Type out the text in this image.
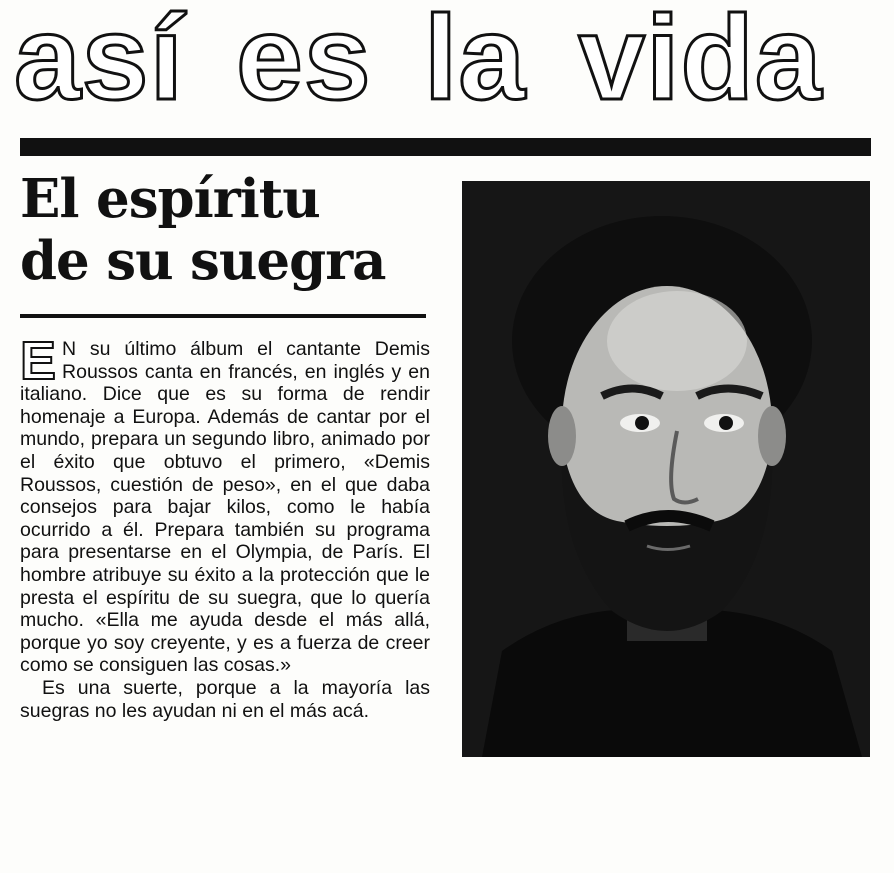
así es la vida
El espíritu
de su suegra

E N su último álbum el cantante Demis Roussos canta en francés, en inglés y en italiano. Dice que es su forma de rendir homenaje a Europa. Además de cantar por el mundo, prepara un segundo libro, animado por el éxito que obtuvo el primero, «Demis Roussos, cuestión de peso», en el que daba consejos para bajar kilos, como le había ocurrido a él. Prepara también su programa para presentarse en el Olympia, de París. El hombre atribuye su éxito a la protección que le presta el espíritu de su suegra, que lo quería mucho. «Ella me ayuda desde el más allá, porque yo soy creyente, y es a fuerza de creer como se consiguen las cosas.»

Es una suerte, porque a la mayoría las suegras no les ayudan ni en el más acá.
